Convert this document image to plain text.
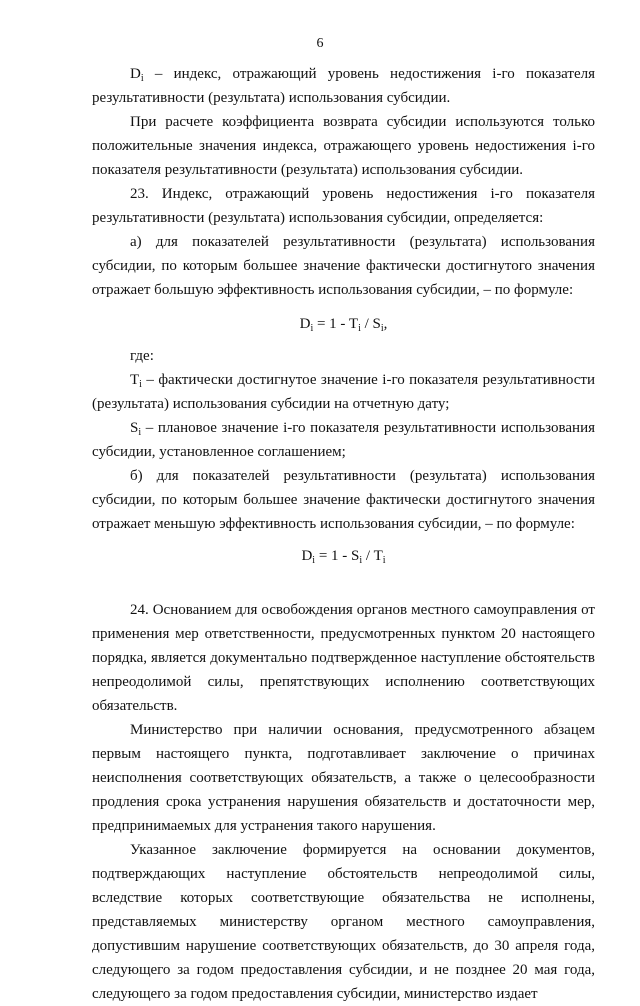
6

$D_i$ – индекс, отражающий уровень недостижения i-го показателя результативности (результата) использования субсидии.

При расчете коэффициента возврата субсидии используются только положительные значения индекса, отражающего уровень недостижения i-го показателя результативности (результата) использования субсидии.

23. Индекс, отражающий уровень недостижения i-го показателя результативности (результата) использования субсидии, определяется:

а) для показателей результативности (результата) использования субсидии, по которым большее значение фактически достигнутого значения отражает большую эффективность использования субсидии, – по формуле:

$D_i = 1 - T_i / S_i$,

где:

$T_i$ – фактически достигнутое значение i-го показателя результативности (результата) использования субсидии на отчетную дату;

$S_i$ – плановое значение i-го показателя результативности использования субсидии, установленное соглашением;

б) для показателей результативности (результата) использования субсидии, по которым большее значение фактически достигнутого значения отражает меньшую эффективность использования субсидии, – по формуле:

$D_i = 1 - S_i / T_i$

24. Основанием для освобождения органов местного самоуправления от применения мер ответственности, предусмотренных пунктом 20 настоящего порядка, является документально подтвержденное наступление обстоятельств непреодолимой силы, препятствующих исполнению соответствующих обязательств.

Министерство при наличии основания, предусмотренного абзацем первым настоящего пункта, подготавливает заключение о причинах неисполнения соответствующих обязательств, а также о целесообразности продления срока устранения нарушения обязательств и достаточности мер, предпринимаемых для устранения такого нарушения.

Указанное заключение формируется на основании документов, подтверждающих наступление обстоятельств непреодолимой силы, вследствие которых соответствующие обязательства не исполнены, представляемых министерству органом местного самоуправления, допустившим нарушение соответствующих обязательств, до 30 апреля года, следующего за годом предоставления субсидии, и не позднее 20 мая года, следующего за годом предоставления субсидии, министерство издает
